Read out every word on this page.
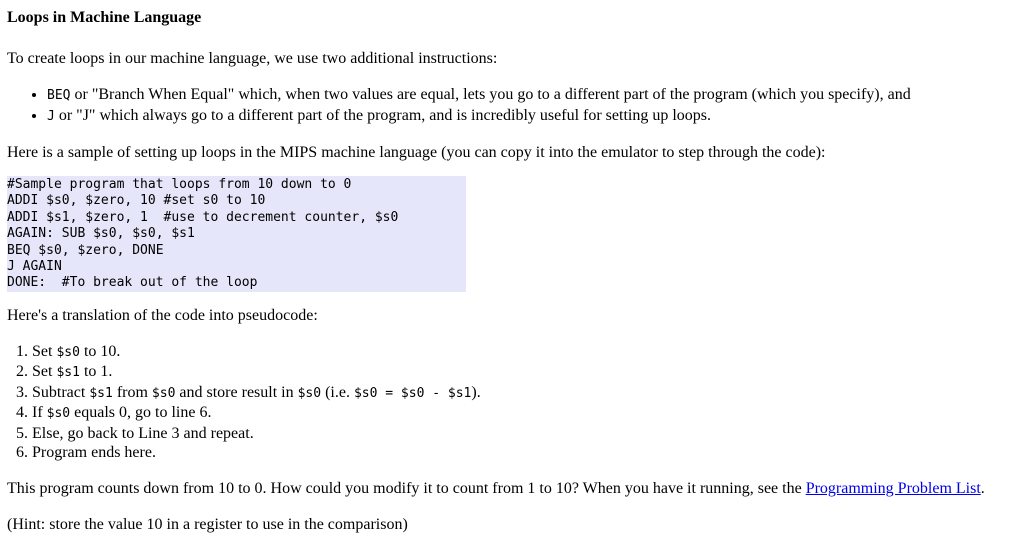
Loops in Machine Language

To create loops in our machine language, we use two additional instructions:

• BEQ or "Branch When Equal" which, when two values are equal, lets you go to a different part of the program (which you specify), and
• J or "J" which always go to a different part of the program, and is incredibly useful for setting up loops.

Here is a sample of setting up loops in the MIPS machine language (you can copy it into the emulator to step through the code):

#Sample program that loops from 10 down to 0
ADDI $s0, $zero, 10 #set s0 to 10
ADDI $s1, $zero, 1  #use to decrement counter, $s0
AGAIN: SUB $s0, $s0, $s1
BEQ $s0, $zero, DONE
J AGAIN
DONE:  #To break out of the loop

Here's a translation of the code into pseudocode:

1. Set $s0 to 10.
2. Set $s1 to 1.
3. Subtract $s1 from $s0 and store result in $s0 (i.e. $s0 = $s0 - $s1).
4. If $s0 equals 0, go to line 6.
5. Else, go back to Line 3 and repeat.
6. Program ends here.

This program counts down from 10 to 0. How could you modify it to count from 1 to 10? When you have it running, see the Programming Problem List.

(Hint: store the value 10 in a register to use in the comparison)
